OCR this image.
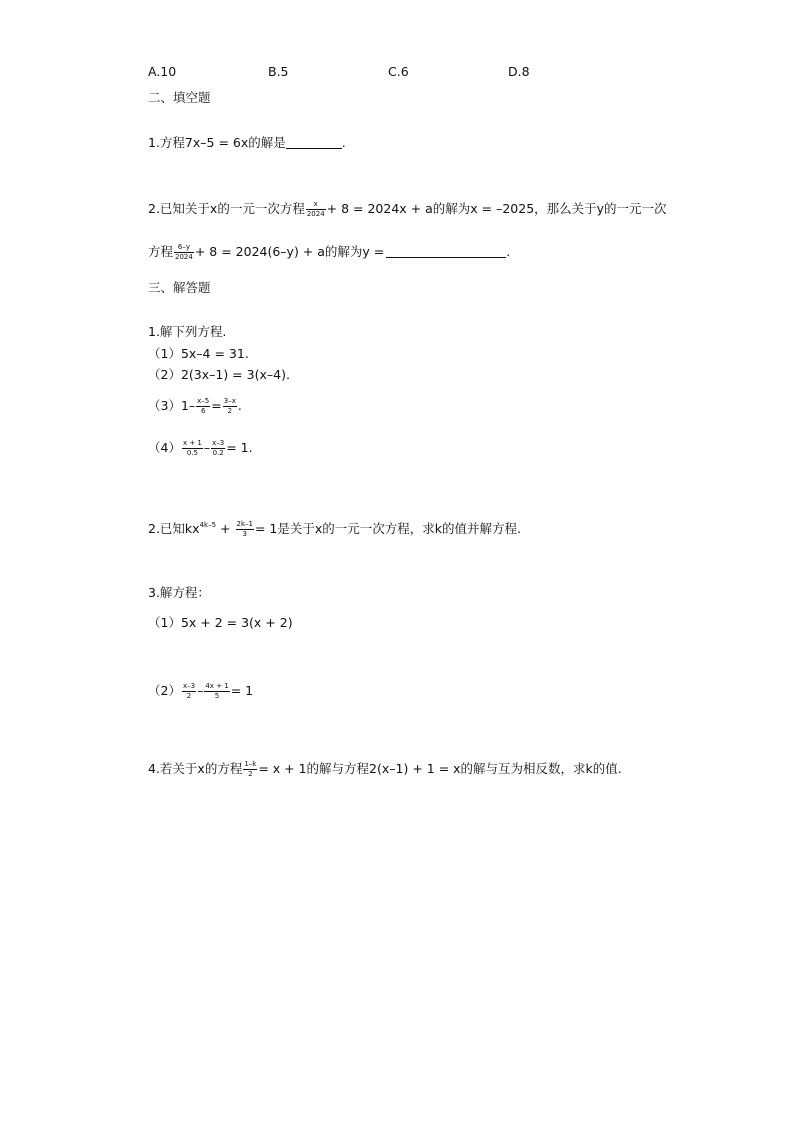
A.10	B.5	C.6	D.8
二、填空题
1.方程7x–5 = 6x的解是	.
2.已知关于x的一元一次方程 $\frac{x}{2024} + 8 = 2024x + a$的解为x = –2025，那么关于y的一元一次
方程 $\frac{6-y}{2024} + 8 = 2024(6-y) + a$的解为y =	.
三、解答题
1.解下列方程.
（1）5x–4 = 31.
（2）2(3x–1) = 3(x–4).
$(3)1- \frac{x-5}{6} = \frac{3-x}{2}$ .
$(4) \frac{x + 1}{0.5} - \frac{x-3}{0.2} = 1$.
2.已知$kx^{4k-5} + \frac{2k-1}{3} = 1$是关于x的一元一次方程，求k的值并解方程.
3.解方程：
（1）5x + 2 = 3(x + 2)
$(2) \frac{x-3}{2} - \frac{4x + 1}{5} = 1$
4.若关于x的方程 $\frac{1-k}{2} = x + 1$的解与方程2(x–1) + 1 = x的解与互为相反数，求k的值.
